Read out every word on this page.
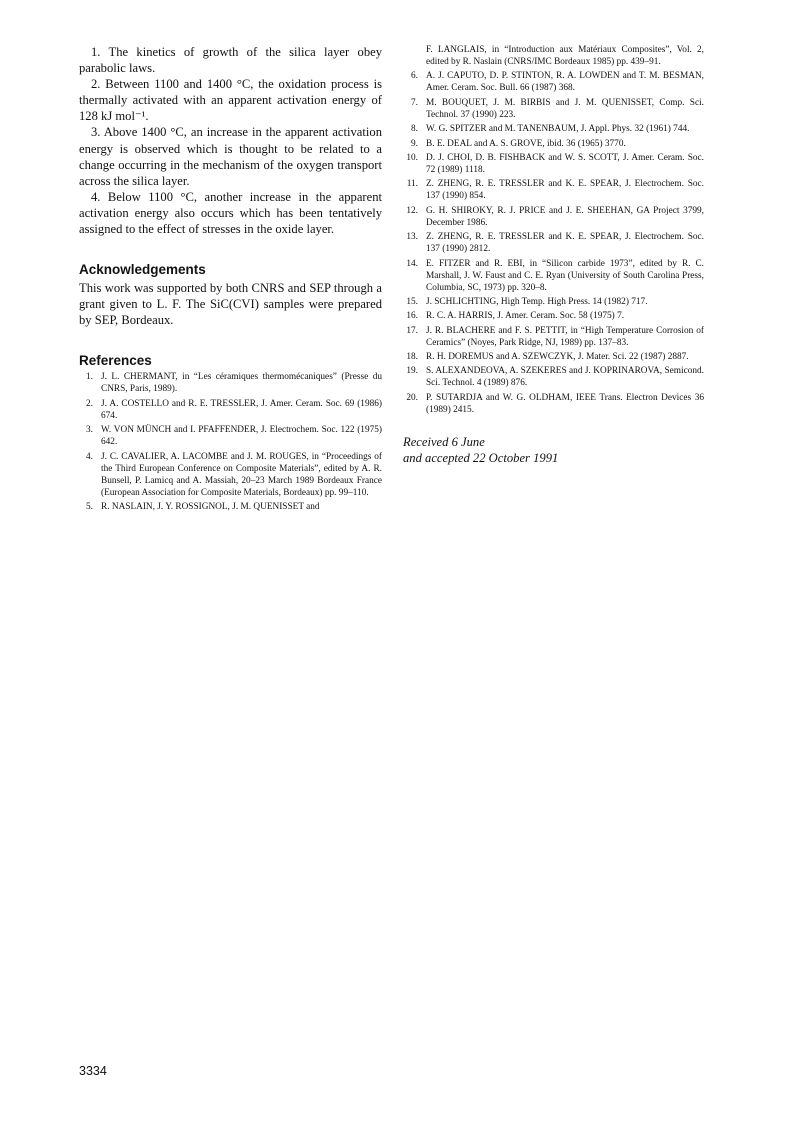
1. The kinetics of growth of the silica layer obey parabolic laws.

2. Between 1100 and 1400 °C, the oxidation process is thermally activated with an apparent activation energy of 128 kJ mol⁻¹.

3. Above 1400 °C, an increase in the apparent activation energy is observed which is thought to be related to a change occurring in the mechanism of the oxygen transport across the silica layer.

4. Below 1100 °C, another increase in the apparent activation energy also occurs which has been tentatively assigned to the effect of stresses in the oxide layer.

Acknowledgements

This work was supported by both CNRS and SEP through a grant given to L. F. The SiC(CVI) samples were prepared by SEP, Bordeaux.

References
1. J. L. CHERMANT, in “Les céramiques thermomécaniques” (Presse du CNRS, Paris, 1989).
2. J. A. COSTELLO and R. E. TRESSLER, J. Amer. Ceram. Soc. 69 (1986) 674.
3. W. VON MÜNCH and I. PFAFFENDER, J. Electrochem. Soc. 122 (1975) 642.
4. J. C. CAVALIER, A. LACOMBE and J. M. ROUGES, in “Proceedings of the Third European Conference on Composite Materials”, edited by A. R. Bunsell, P. Lamicq and A. Massiah, 20–23 March 1989 Bordeaux France (European Association for Composite Materials, Bordeaux) pp. 99–110.
5. R. NASLAIN, J. Y. ROSSIGNOL, J. M. QUENISSET and
F. LANGLAIS, in “Introduction aux Matériaux Composites”, Vol. 2, edited by R. Naslain (CNRS/IMC Bordeaux 1985) pp. 439–91.
6. A. J. CAPUTO, D. P. STINTON, R. A. LOWDEN and T. M. BESMAN, Amer. Ceram. Soc. Bull. 66 (1987) 368.
7. M. BOUQUET, J. M. BIRBIS and J. M. QUENISSET, Comp. Sci. Technol. 37 (1990) 223.
8. W. G. SPITZER and M. TANENBAUM, J. Appl. Phys. 32 (1961) 744.
9. B. E. DEAL and A. S. GROVE, ibid. 36 (1965) 3770.
10. D. J. CHOI, D. B. FISHBACK and W. S. SCOTT, J. Amer. Ceram. Soc. 72 (1989) 1118.
11. Z. ZHENG, R. E. TRESSLER and K. E. SPEAR, J. Electrochem. Soc. 137 (1990) 854.
12. G. H. SHIROKY, R. J. PRICE and J. E. SHEEHAN, GA Project 3799, December 1986.
13. Z. ZHENG, R. E. TRESSLER and K. E. SPEAR, J. Electrochem. Soc. 137 (1990) 2812.
14. E. FITZER and R. EBI, in “Silicon carbide 1973”, edited by R. C. Marshall, J. W. Faust and C. E. Ryan (University of South Carolina Press, Columbia, SC, 1973) pp. 320–8.
15. J. SCHLICHTING, High Temp. High Press. 14 (1982) 717.
16. R. C. A. HARRIS, J. Amer. Ceram. Soc. 58 (1975) 7.
17. J. R. BLACHERE and F. S. PETTIT, in “High Temperature Corrosion of Ceramics” (Noyes, Park Ridge, NJ, 1989) pp. 137–83.
18. R. H. DOREMUS and A. SZEWCZYK, J. Mater. Sci. 22 (1987) 2887.
19. S. ALEXANDEOVA, A. SZEKERES and J. KOPRINAROVA, Semicond. Sci. Technol. 4 (1989) 876.
20. P. SUTARDJA and W. G. OLDHAM, IEEE Trans. Electron Devices 36 (1989) 2415.
Received 6 June
and accepted 22 October 1991
3334
